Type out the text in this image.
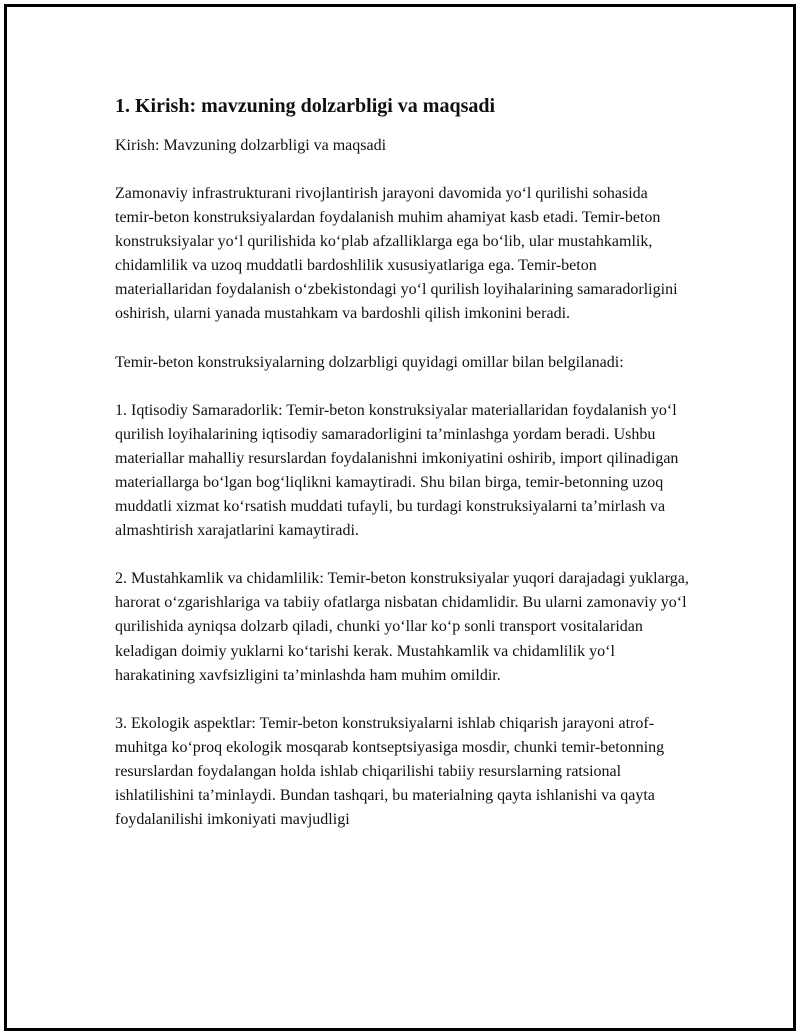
1. Kirish: mavzuning dolzarbligi va maqsadi

Kirish: Mavzuning dolzarbligi va maqsadi

Zamonaviy infrastrukturani rivojlantirish jarayoni davomida yo‘l qurilishi sohasida temir-beton konstruksiyalardan foydalanish muhim ahamiyat kasb etadi. Temir-beton konstruksiyalar yo‘l qurilishida ko‘plab afzalliklarga ega bo‘lib, ular mustahkamlik, chidamlilik va uzoq muddatli bardoshlilik xususiyatlariga ega. Temir-beton materiallaridan foydalanish o‘zbekistondagi yo‘l qurilish loyihalarining samaradorligini oshirish, ularni yanada mustahkam va bardoshli qilish imkonini beradi.

Temir-beton konstruksiyalarning dolzarbligi quyidagi omillar bilan belgilanadi:

1. Iqtisodiy Samaradorlik: Temir-beton konstruksiyalar materiallaridan foydalanish yo‘l qurilish loyihalarining iqtisodiy samaradorligini ta’minlashga yordam beradi. Ushbu materiallar mahalliy resurslardan foydalanishni imkoniyatini oshirib, import qilinadigan materiallarga bo‘lgan bog‘liqlikni kamaytiradi. Shu bilan birga, temir-betonning uzoq muddatli xizmat ko‘rsatish muddati tufayli, bu turdagi konstruksiyalarni ta’mirlash va almashtirish xarajatlarini kamaytiradi.

2. Mustahkamlik va chidamlilik: Temir-beton konstruksiyalar yuqori darajadagi yuklarga, harorat o‘zgarishlariga va tabiiy ofatlarga nisbatan chidamlidir. Bu ularni zamonaviy yo‘l qurilishida ayniqsa dolzarb qiladi, chunki yo‘llar ko‘p sonli transport vositalaridan keladigan doimiy yuklarni ko‘tarishi kerak. Mustahkamlik va chidamlilik yo‘l harakatining xavfsizligini ta’minlashda ham muhim omildir.

3. Ekologik aspektlar: Temir-beton konstruksiyalarni ishlab chiqarish jarayoni atrof-muhitga ko‘proq ekologik mosqarab kontseptsiyasiga mosdir, chunki temir-betonning resurslardan foydalangan holda ishlab chiqarilishi tabiiy resurslarning ratsional ishlatilishini ta’minlaydi. Bundan tashqari, bu materialning qayta ishlanishi va qayta foydalanilishi imkoniyati mavjudligi
